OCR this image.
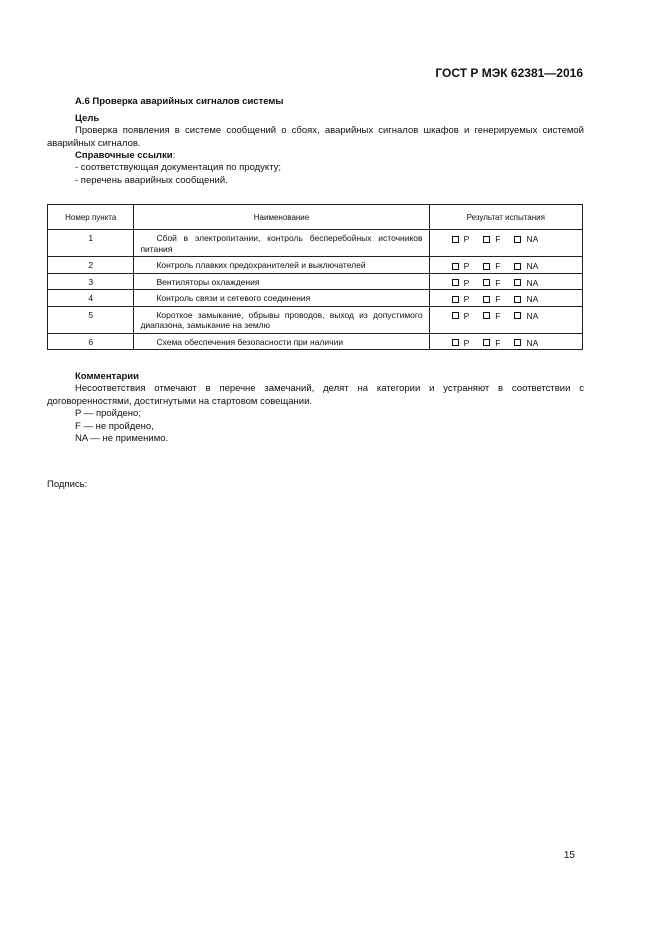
ГОСТ Р МЭК 62381—2016
А.6 Проверка аварийных сигналов системы
Цель
Проверка появления в системе сообщений о сбоях, аварийных сигналов шкафов и генерируемых системой аварийных сигналов.
Справочные ссылки:
- соответствующая документация по продукту;
- перечень аварийных сообщений.
Номер пункта	Наименование	Результат испытания
1	Сбой в электропитании, контроль бесперебойных источников питания	P F NA

2	Контроль плавких предохранителей и выключателей	P F NA

3	Вентиляторы охлаждения	P F NA

4	Контроль связи и сетевого соединения	P F NA

5	Короткое замыкание, обрывы проводов, выход из допустимого диапазона, замыкание на землю	P F NA

6	Схема обеспечения безопасности при наличии	P F NA
Комментарии
Несоответствия отмечают в перечне замечаний, делят на категории и устраняют в соответствии с договоренностями, достигнутыми на стартовом совещании.
P — пройдено;
F — не пройдено,
NA — не применимо.
Подпись:
15
